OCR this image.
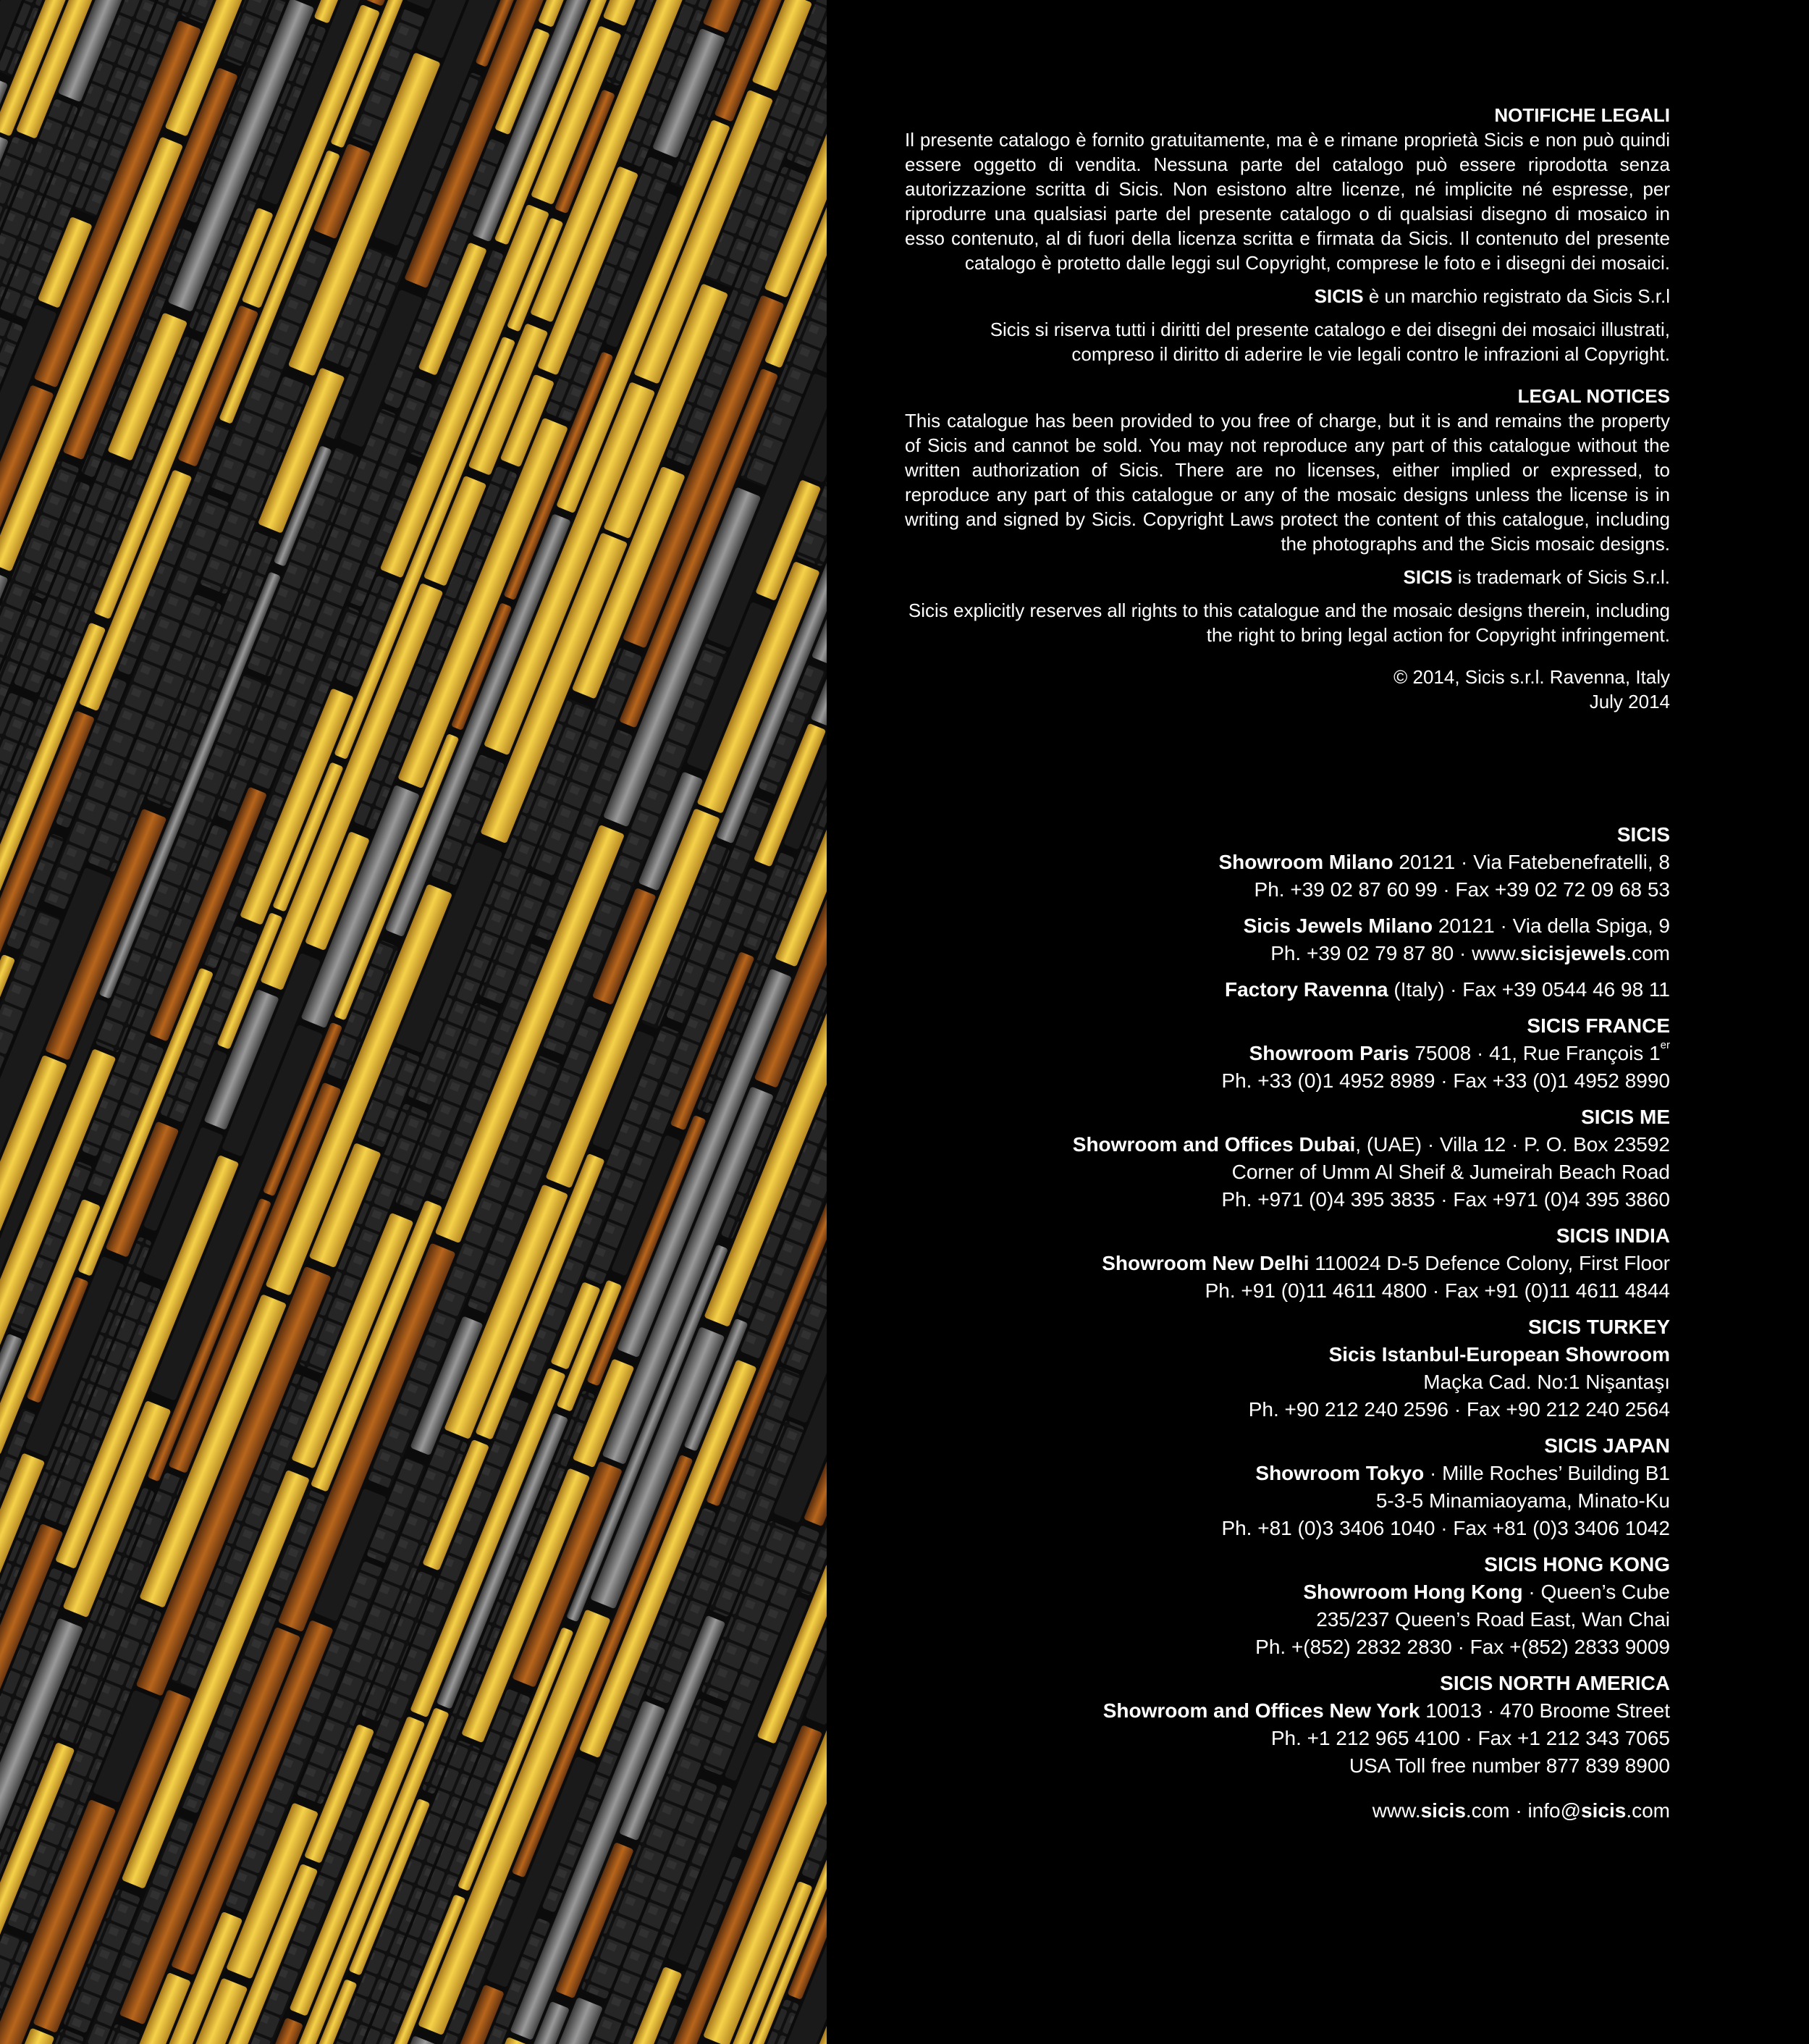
NOTIFICHE LEGALI
Il presente catalogo è fornito gratuitamente, ma è e rimane proprietà Sicis e non può quindi essere oggetto di vendita. Nessuna parte del catalogo può essere riprodotta senza autorizzazione scritta di Sicis. Non esistono altre licenze, né implicite né espresse, per riprodurre una qualsiasi parte del presente catalogo o di qualsiasi disegno di mosaico in esso contenuto, al di fuori della licenza scritta e firmata da Sicis. Il contenuto del presente catalogo è protetto dalle leggi sul Copyright, comprese le foto e i disegni dei mosaici.
SICIS è un marchio registrato da Sicis S.r.l
Sicis si riserva tutti i diritti del presente catalogo e dei disegni dei mosaici illustrati, compreso il diritto di aderire le vie legali contro le infrazioni al Copyright.
LEGAL NOTICES
This catalogue has been provided to you free of charge, but it is and remains the property of Sicis and cannot be sold. You may not reproduce any part of this catalogue without the written authorization of Sicis. There are no licenses, either implied or expressed, to reproduce any part of this catalogue or any of the mosaic designs unless the license is in writing and signed by Sicis. Copyright Laws protect the content of this catalogue, including the photographs and the Sicis mosaic designs.
SICIS is trademark of Sicis S.r.l.
Sicis explicitly reserves all rights to this catalogue and the mosaic designs therein, including the right to bring legal action for Copyright infringement.
© 2014, Sicis s.r.l. Ravenna, Italy
July 2014
SICIS
Showroom Milano 20121 · Via Fatebenefratelli, 8
Ph. +39 02 87 60 99 · Fax +39 02 72 09 68 53
Sicis Jewels Milano 20121 · Via della Spiga, 9
Ph. +39 02 79 87 80 · www.sicisjewels.com
Factory Ravenna (Italy) · Fax +39 0544 46 98 11
SICIS FRANCE
Showroom Paris 75008 · 41, Rue François 1er
Ph. +33 (0)1 4952 8989 · Fax +33 (0)1 4952 8990
SICIS ME
Showroom and Offices Dubai, (UAE) · Villa 12 · P. O. Box 23592
Corner of Umm Al Sheif & Jumeirah Beach Road
Ph. +971 (0)4 395 3835 · Fax +971 (0)4 395 3860
SICIS INDIA
Showroom New Delhi 110024 D-5 Defence Colony, First Floor
Ph. +91 (0)11 4611 4800 · Fax +91 (0)11 4611 4844
SICIS TURKEY
Sicis Istanbul-European Showroom
Maçka Cad. No:1 Nişantaşı
Ph. +90 212 240 2596 · Fax +90 212 240 2564
SICIS JAPAN
Showroom Tokyo · Mille Roches’ Building B1
5-3-5 Minamiaoyama, Minato-Ku
Ph. +81 (0)3 3406 1040 · Fax +81 (0)3 3406 1042
SICIS HONG KONG
Showroom Hong Kong · Queen’s Cube
235/237 Queen’s Road East, Wan Chai
Ph. +(852) 2832 2830 · Fax +(852) 2833 9009
SICIS NORTH AMERICA
Showroom and Offices New York 10013 · 470 Broome Street
Ph. +1 212 965 4100 · Fax +1 212 343 7065
USA Toll free number 877 839 8900
www.sicis.com · info@sicis.com
